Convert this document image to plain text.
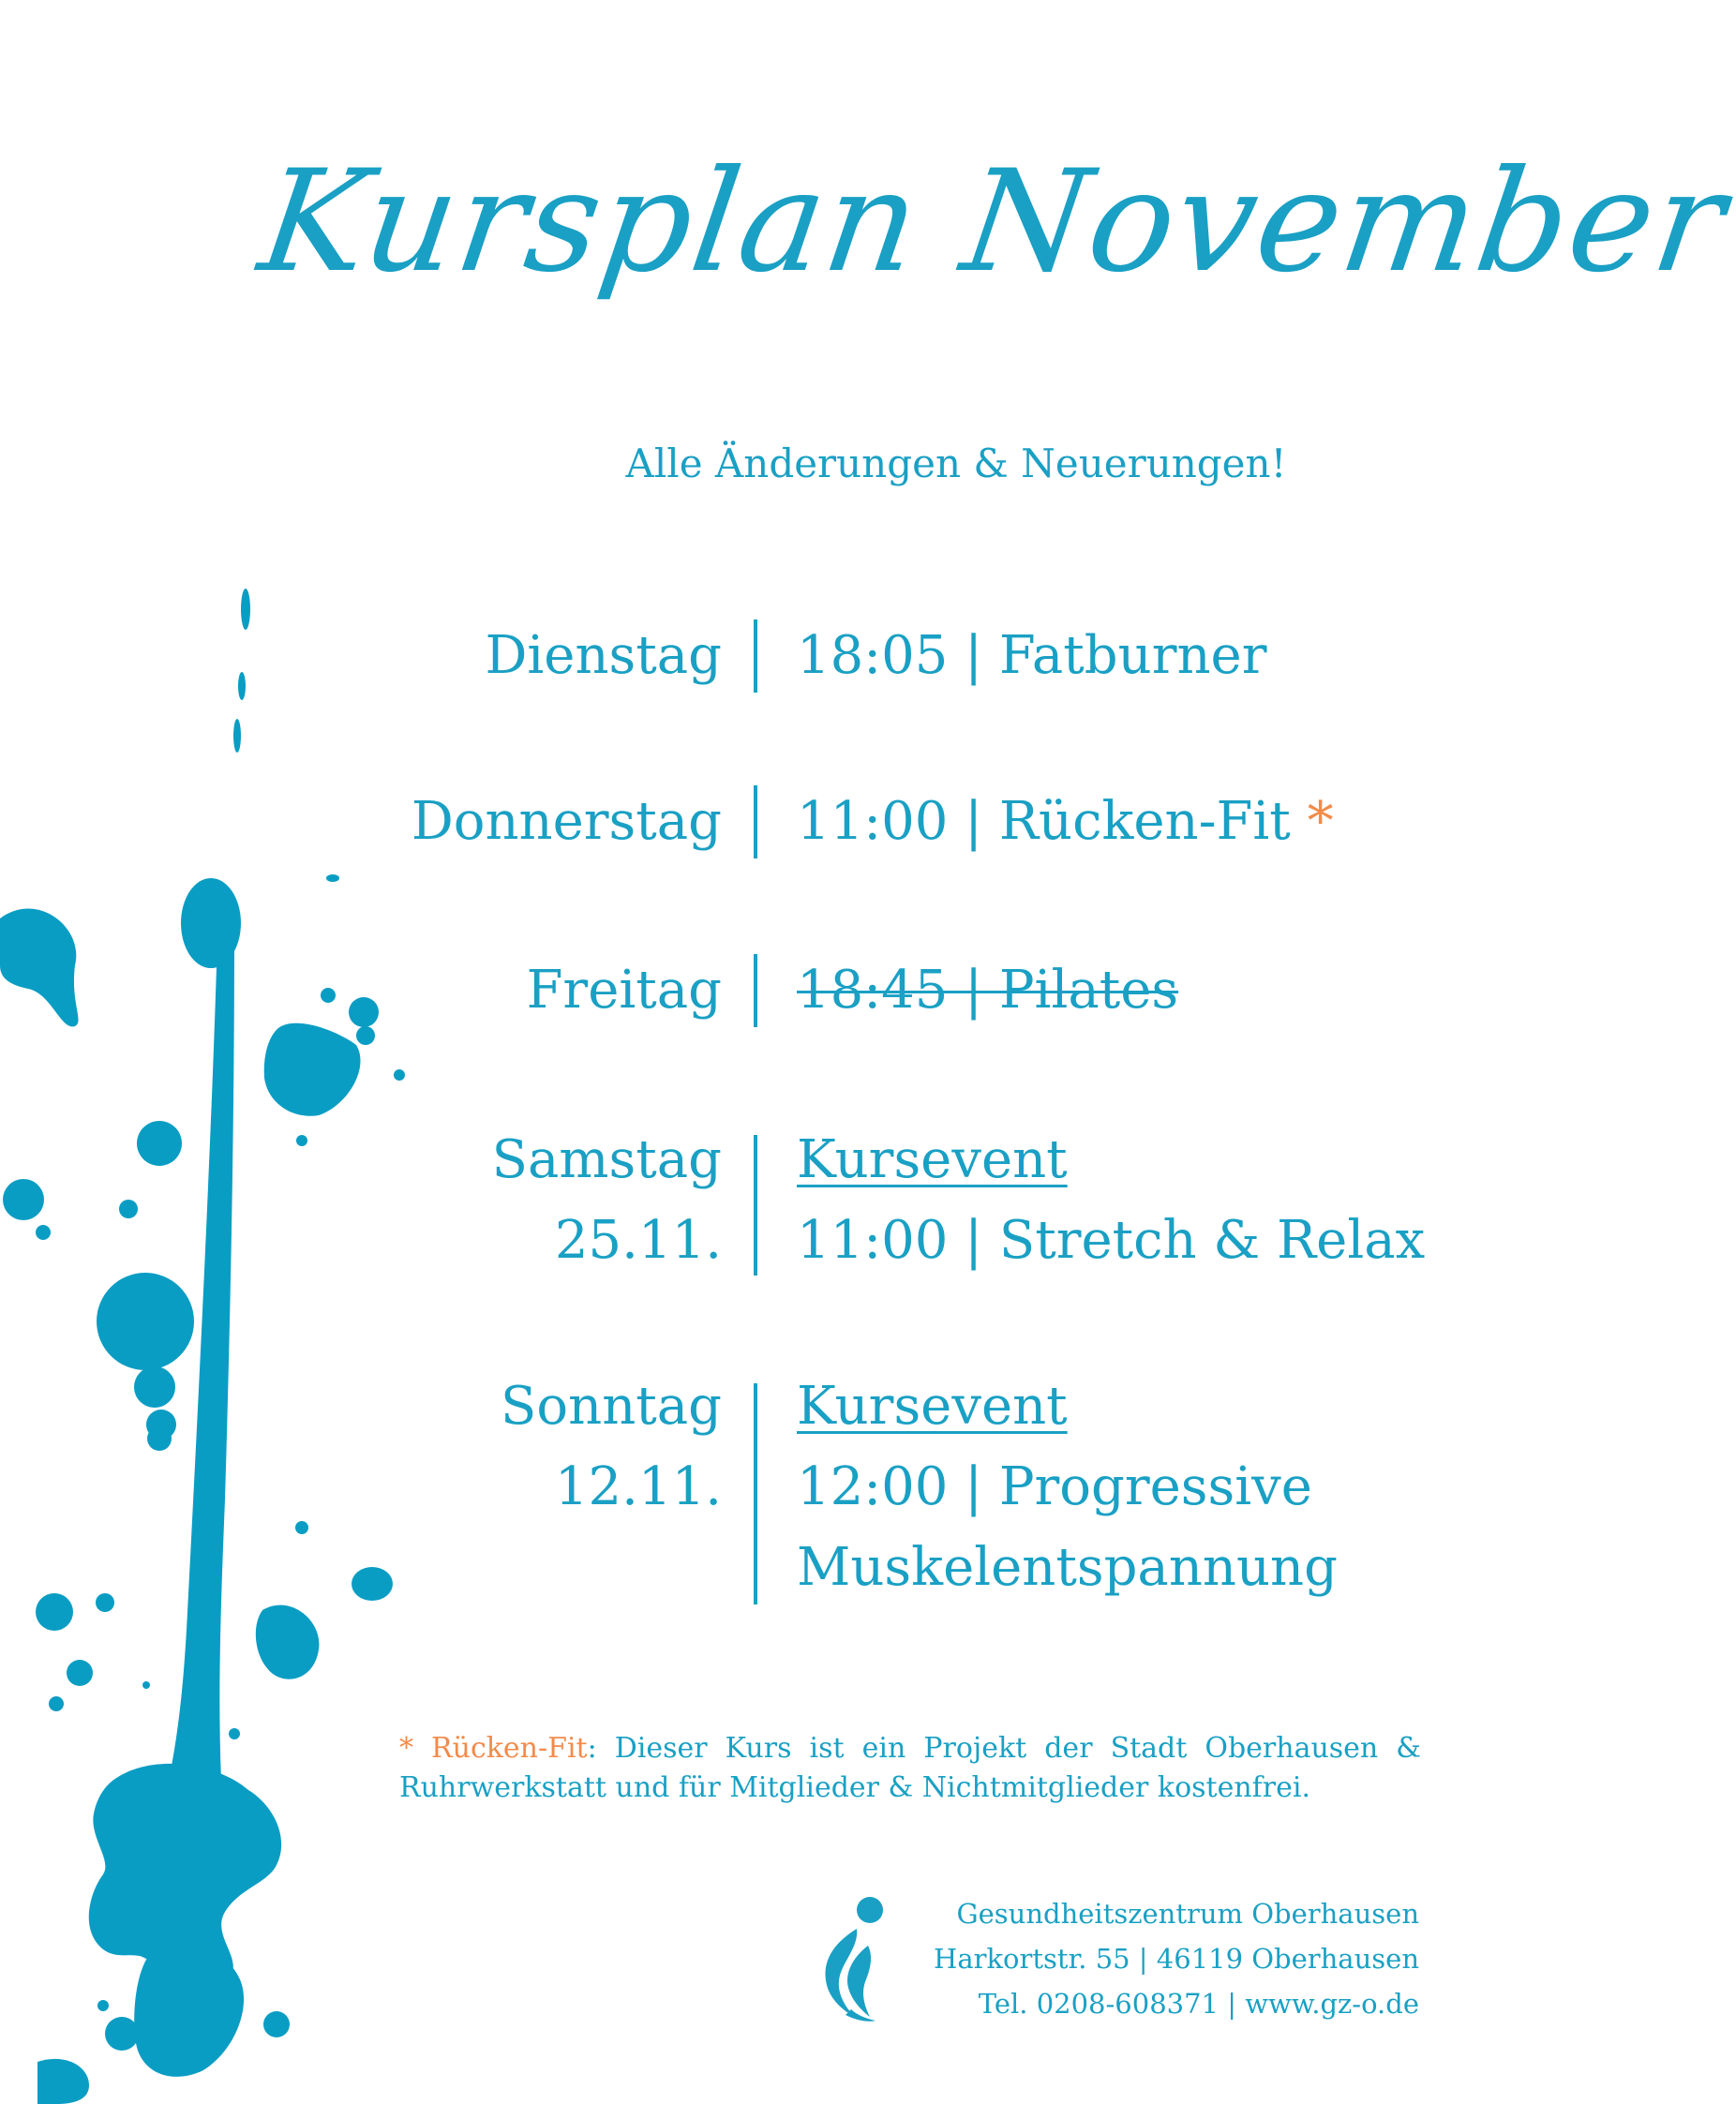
Kursplan November
Alle Änderungen & Neuerungen!
Dienstag 18:05 | Fatburner
Donnerstag 11:00 | Rücken-Fit *
Freitag 18:45 | Pilates
Samstag
25.11.
Kursevent
11:00 | Stretch & Relax
Sonntag
12.11.
Kursevent
12:00 | Progressive
Muskelentspannung
* Rücken-Fit: Dieser Kurs ist ein Projekt der Stadt Oberhausen & Ruhrwerkstatt und für Mitglieder & Nichtmitglieder kostenfrei.
Gesundheitszentrum Oberhausen
Harkortstr. 55 | 46119 Oberhausen
Tel. 0208-608371 | www.gz-o.de
